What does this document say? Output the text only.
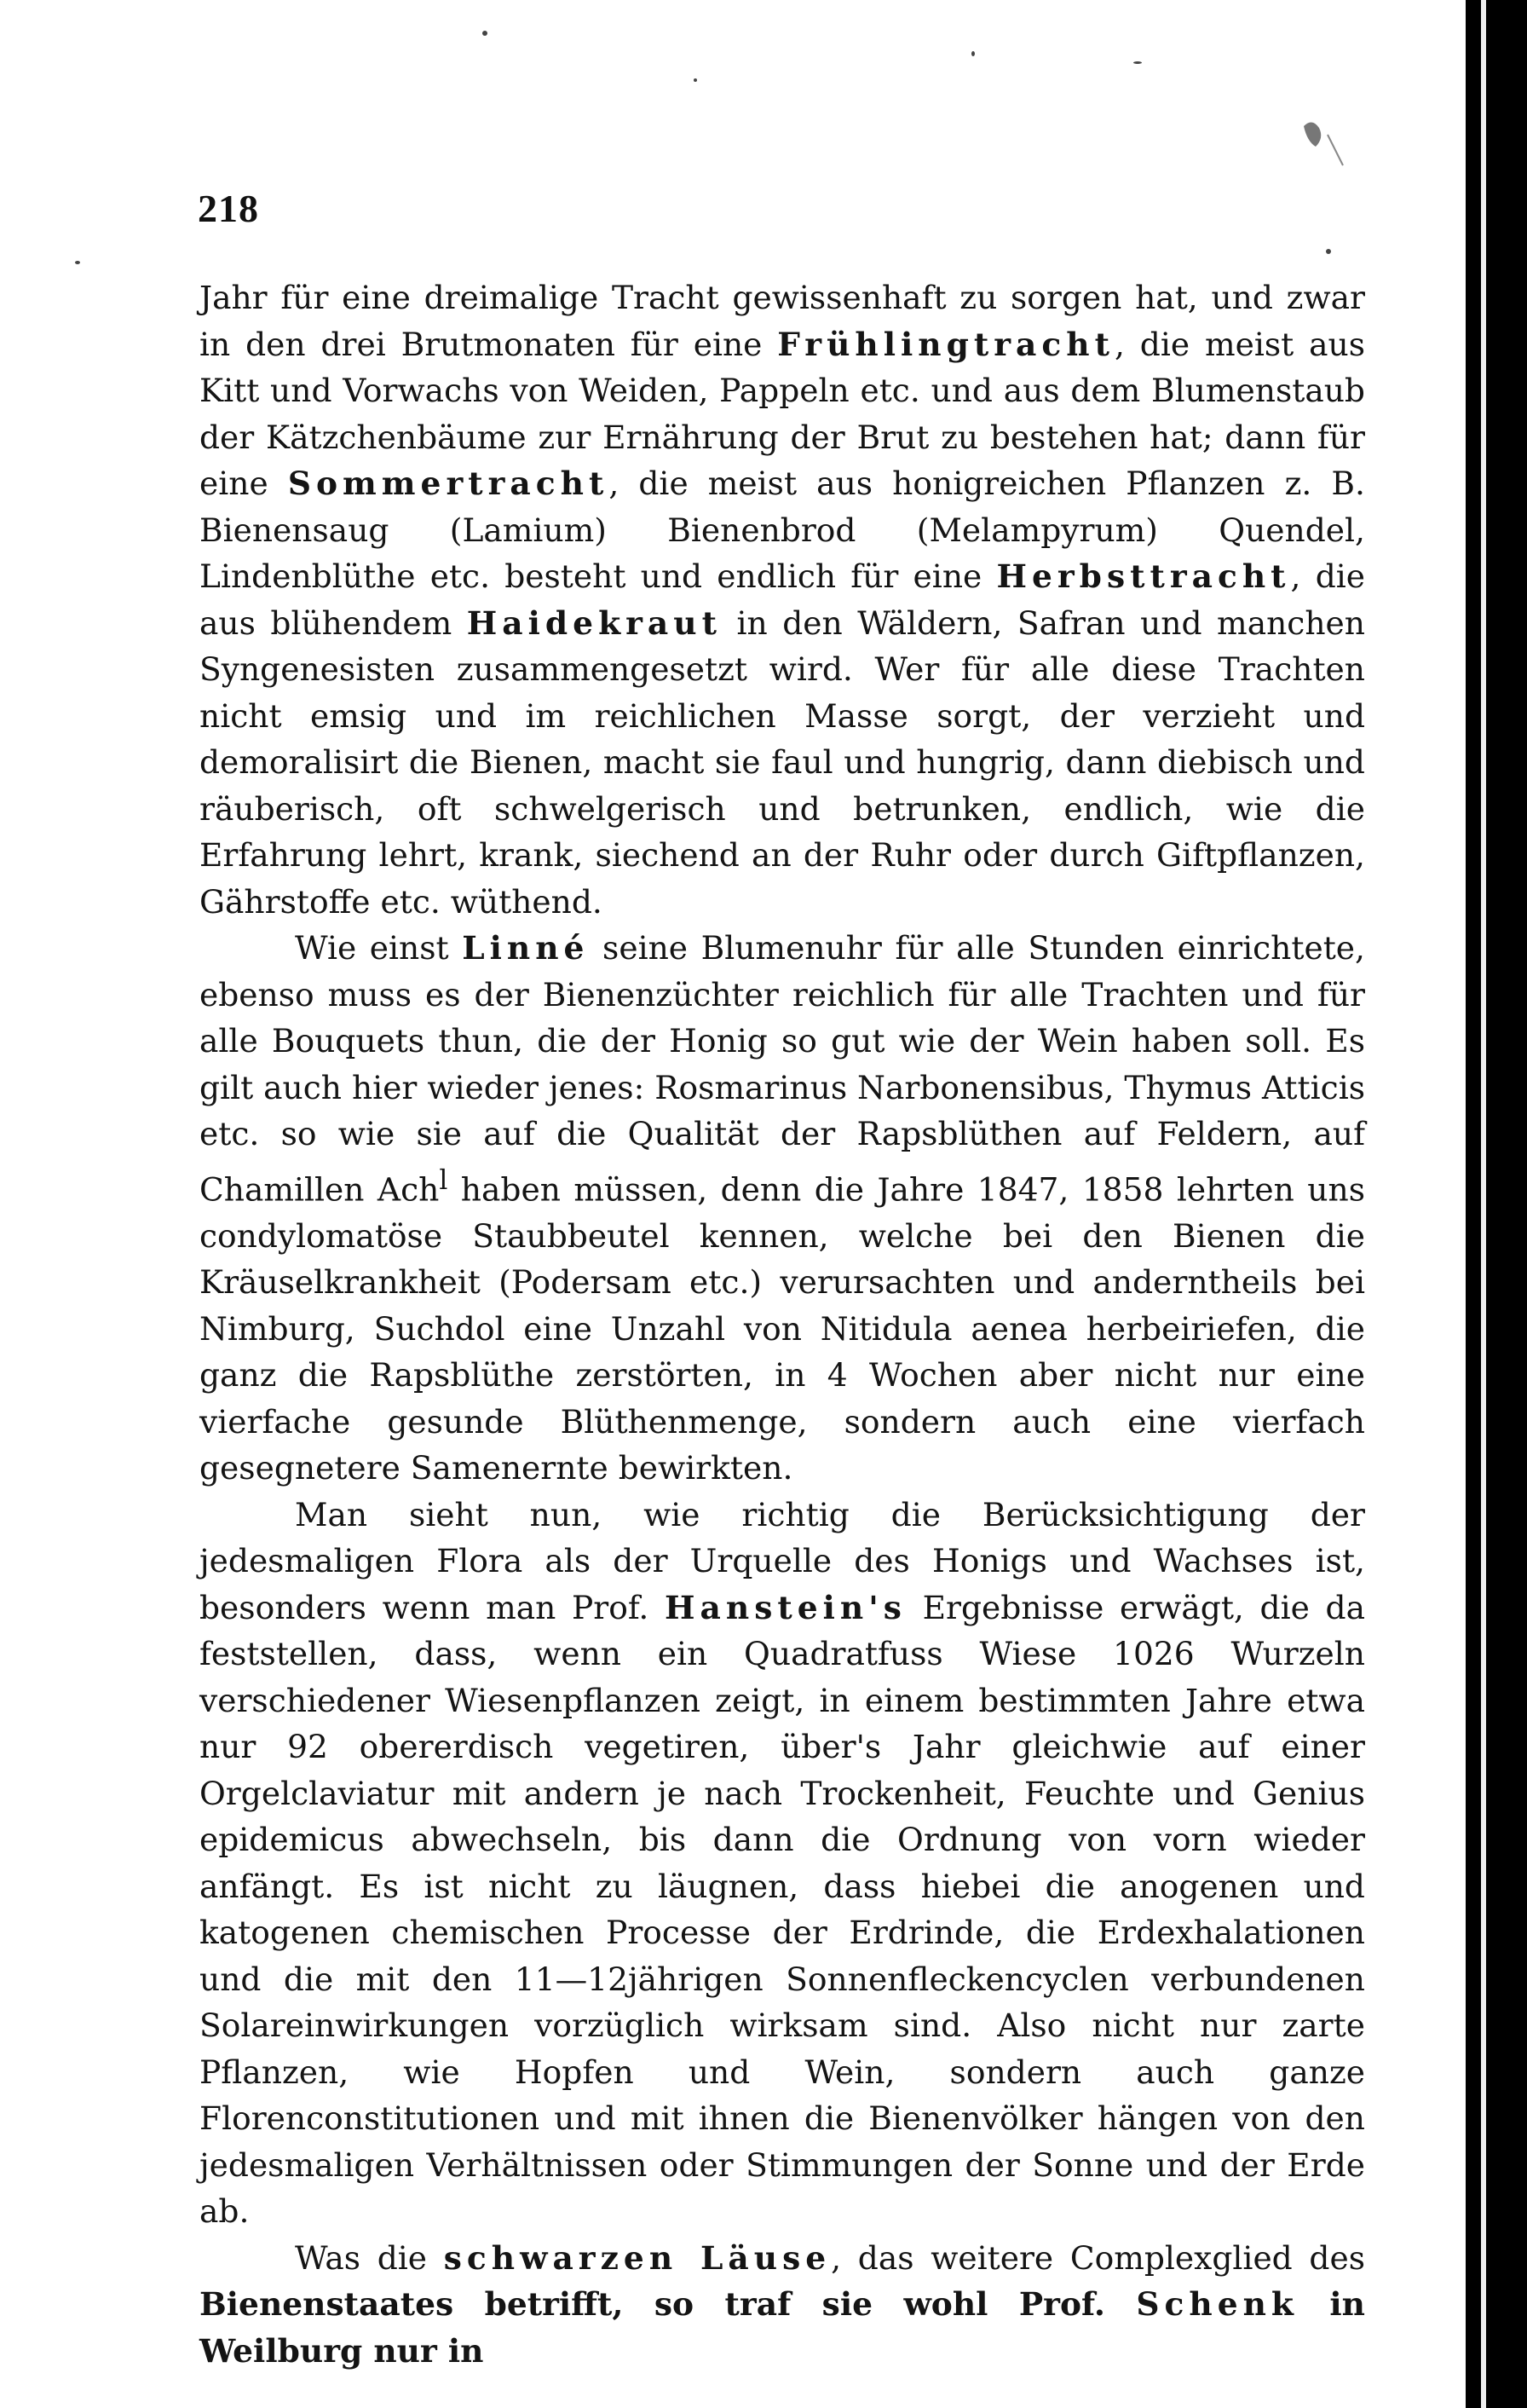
218

Jahr für eine dreimalige Tracht gewissenhaft zu sorgen hat, und zwar in den drei Brutmonaten für eine Frühlingtracht, die meist aus Kitt und Vorwachs von Weiden, Pappeln etc. und aus dem Blumenstaub der Kätzchenbäume zur Ernährung der Brut zu bestehen hat; dann für eine Sommertracht, die meist aus honigreichen Pflanzen z. B. Bienensaug (Lamium) Bienenbrod (Melampyrum) Quendel, Lindenblüthe etc. besteht und endlich für eine Herbsttracht, die aus blühendem Haidekraut in den Wäldern, Safran und manchen Syngenesisten zusammengesetzt wird. Wer für alle diese Trachten nicht emsig und im reichlichen Masse sorgt, der verzieht und demoralisirt die Bienen, macht sie faul und hungrig, dann diebisch und räuberisch, oft schwelgerisch und betrunken, endlich, wie die Erfahrung lehrt, krank, siechend an der Ruhr oder durch Giftpflanzen, Gährstoffe etc. wüthend.

Wie einst Linné seine Blumenuhr für alle Stunden einrichtete, ebenso muss es der Bienenzüchter reichlich für alle Trachten und für alle Bouquets thun, die der Honig so gut wie der Wein haben soll. Es gilt auch hier wieder jenes: Rosmarinus Narbonensibus, Thymus Atticis etc. so wie sie auf die Qualität der Rapsblüthen auf Feldern, auf Chamillen Ach$^l$ haben müssen, denn die Jahre 1847, 1858 lehrten uns condylomatöse Staubbeutel kennen, welche bei den Bienen die Kräuselkrankheit (Podersam etc.) verursachten und anderntheils bei Nimburg, Suchdol eine Unzahl von Nitidula aenea herbeiriefen, die ganz die Rapsblüthe zerstörten, in 4 Wochen aber nicht nur eine vierfache gesunde Blüthenmenge, sondern auch eine vierfach gesegnetere Samenernte bewirkten.

Man sieht nun, wie richtig die Berücksichtigung der jedesmaligen Flora als der Urquelle des Honigs und Wachses ist, besonders wenn man Prof. Hanstein's Ergebnisse erwägt, die da feststellen, dass, wenn ein Quadratfuss Wiese 1026 Wurzeln verschiedener Wiesenpflanzen zeigt, in einem bestimmten Jahre etwa nur 92 obererdisch vegetiren, über's Jahr gleichwie auf einer Orgelclaviatur mit andern je nach Trockenheit, Feuchte und Genius epidemicus abwechseln, bis dann die Ordnung von vorn wieder anfängt. Es ist nicht zu läugnen, dass hiebei die anogenen und katogenen chemischen Processe der Erdrinde, die Erdexhalationen und die mit den 11—12jährigen Sonnenfleckencyclen verbundenen Solareinwirkungen vorzüglich wirksam sind. Also nicht nur zarte Pflanzen, wie Hopfen und Wein, sondern auch ganze Florenconstitutionen und mit ihnen die Bienenvölker hängen von den jedesmaligen Verhältnissen oder Stimmungen der Sonne und der Erde ab.

Was die schwarzen Läuse, das weitere Complexglied des Bienenstaates betrifft, so traf sie wohl Prof. Schenk in Weilburg nur in
